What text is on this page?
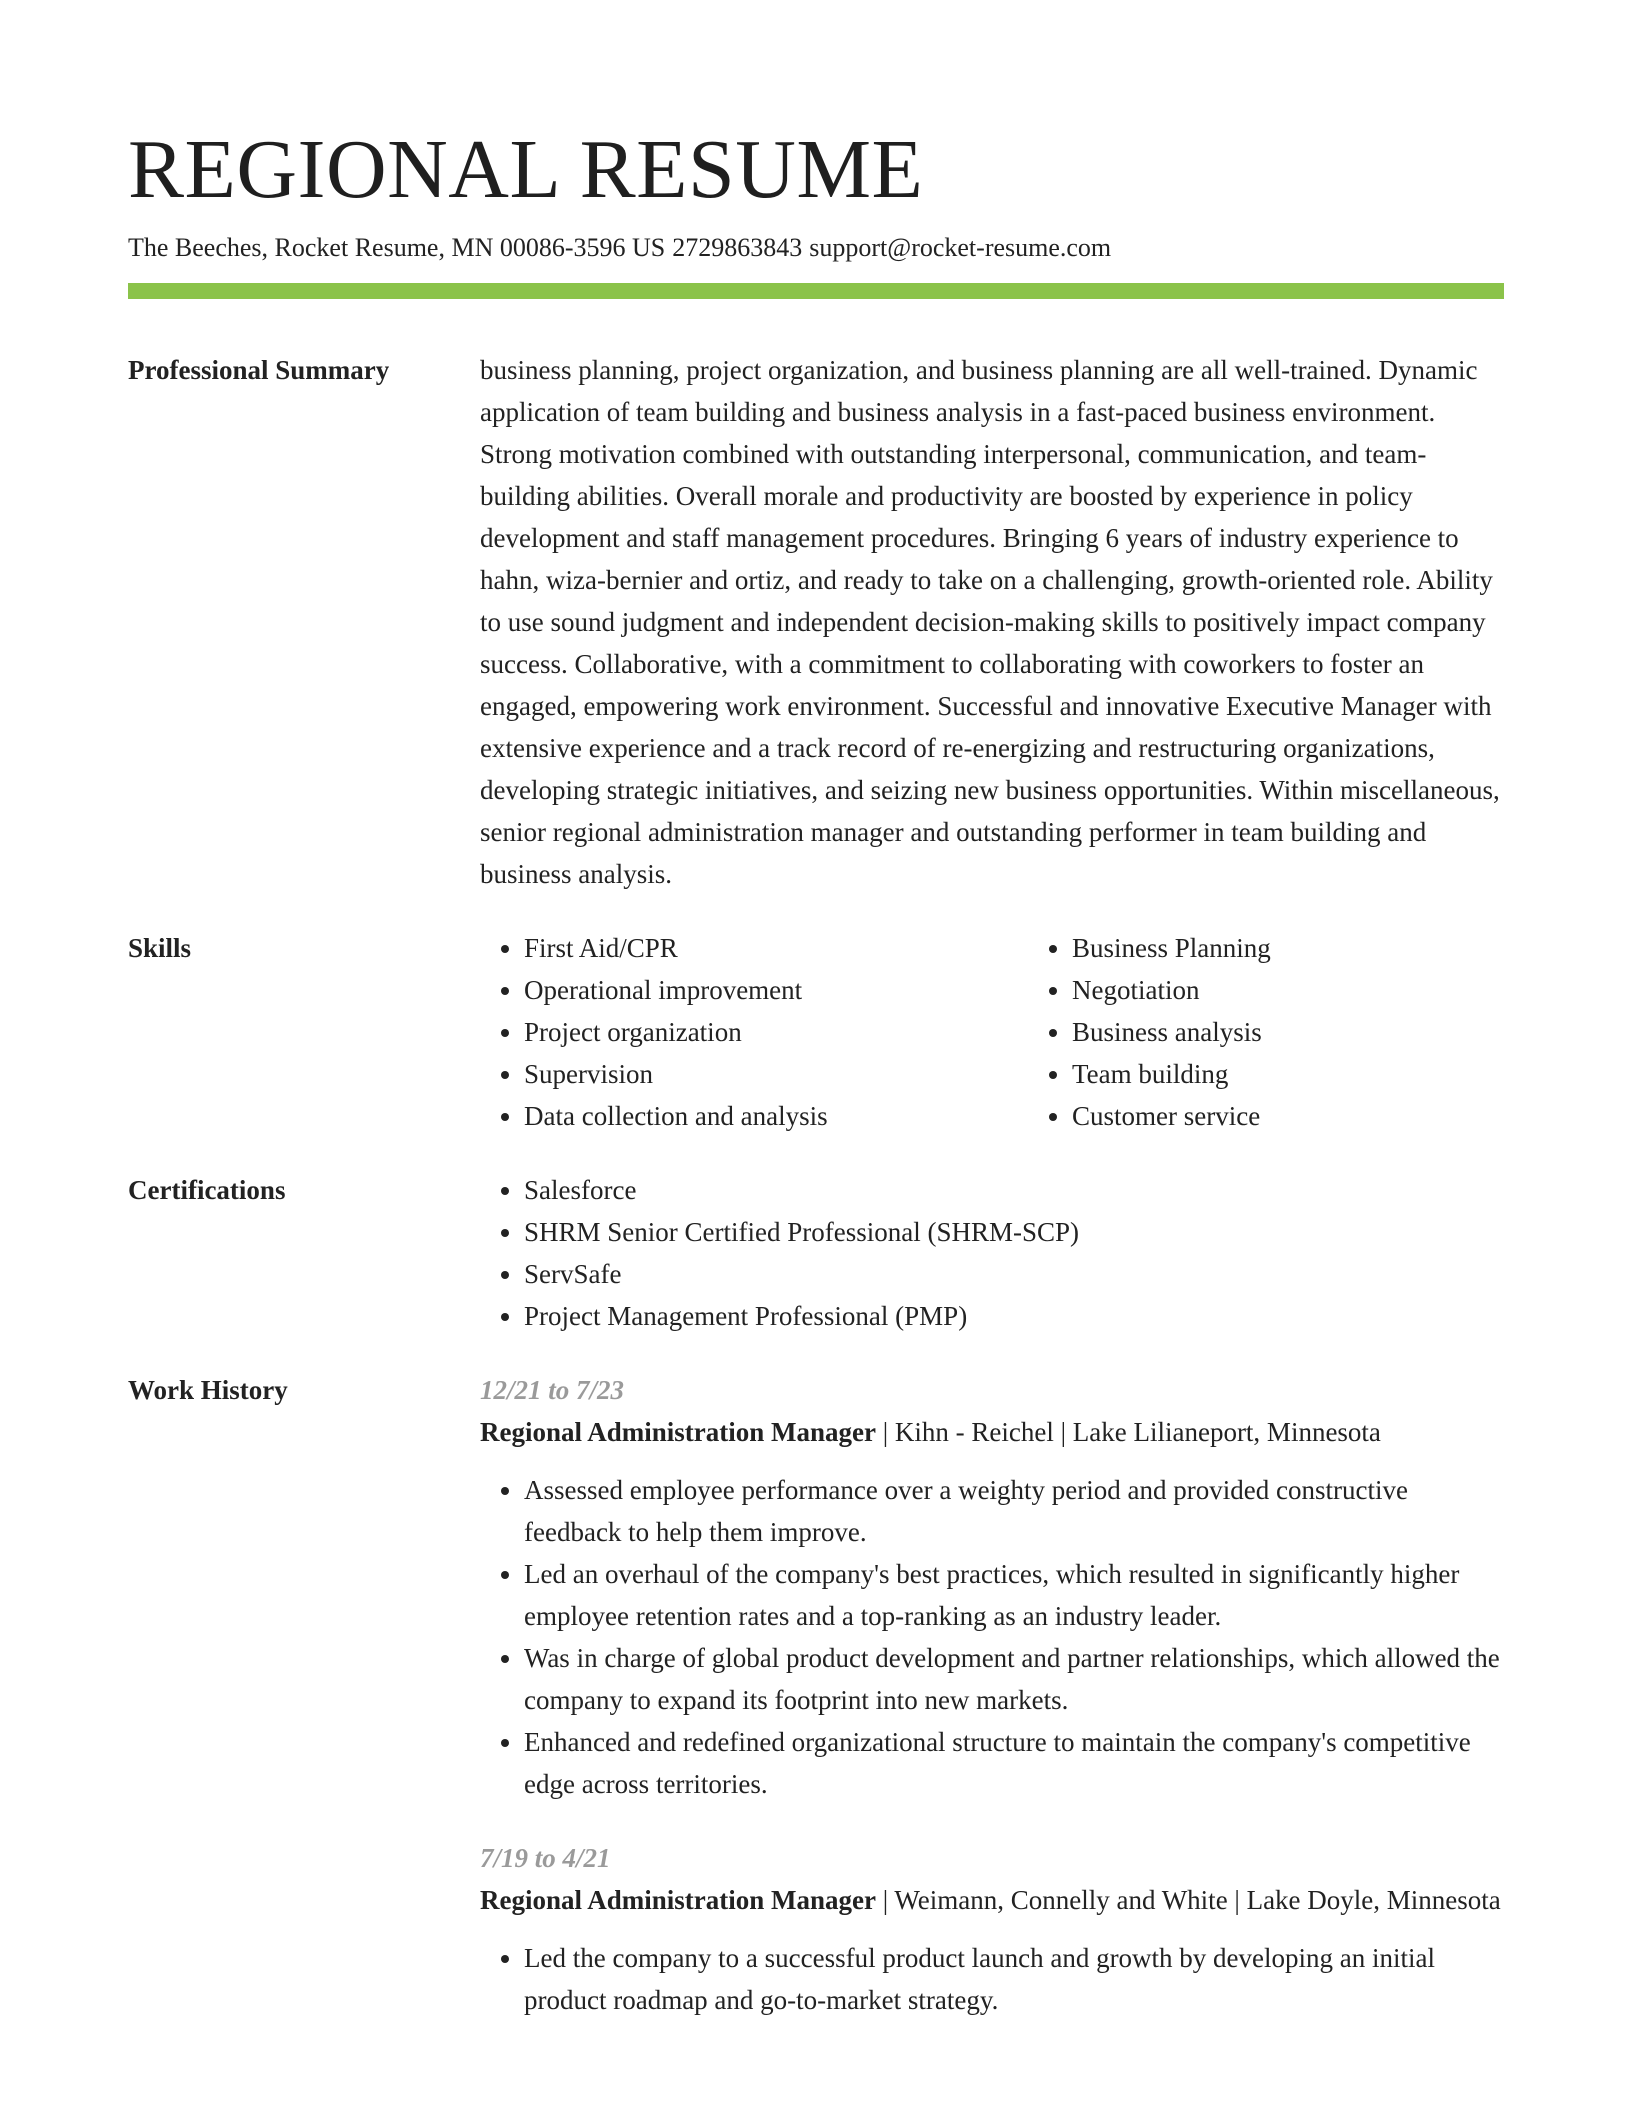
REGIONAL RESUME
The Beeches, Rocket Resume, MN 00086-3596 US 2729863843 support@rocket-resume.com
Professional Summary	business planning, project organization, and business planning are all well-trained. Dynamic application of team building and business analysis in a fast-paced business environment. Strong motivation combined with outstanding interpersonal, communication, and team-building abilities. Overall morale and productivity are boosted by experience in policy development and staff management procedures. Bringing 6 years of industry experience to hahn, wiza-bernier and ortiz, and ready to take on a challenging, growth-oriented role. Ability to use sound judgment and independent decision-making skills to positively impact company success. Collaborative, with a commitment to collaborating with coworkers to foster an engaged, empowering work environment. Successful and innovative Executive Manager with extensive experience and a track record of re-energizing and restructuring organizations, developing strategic initiatives, and seizing new business opportunities. Within miscellaneous, senior regional administration manager and outstanding performer in team building and business analysis.
Skills	• First Aid/CPR
• Operational improvement
• Project organization
• Supervision
• Data collection and analysis
• Business Planning
• Negotiation
• Business analysis
• Team building
• Customer service
Certifications	• Salesforce
• SHRM Senior Certified Professional (SHRM-SCP)
• ServSafe
• Project Management Professional (PMP)
Work History	12/21 to 7/23
Regional Administration Manager | Kihn - Reichel | Lake Lilianeport, Minnesota
• Assessed employee performance over a weighty period and provided constructive feedback to help them improve.
• Led an overhaul of the company's best practices, which resulted in significantly higher employee retention rates and a top-ranking as an industry leader.
• Was in charge of global product development and partner relationships, which allowed the company to expand its footprint into new markets.
• Enhanced and redefined organizational structure to maintain the company's competitive edge across territories.
7/19 to 4/21
Regional Administration Manager | Weimann, Connelly and White | Lake Doyle, Minnesota
• Led the company to a successful product launch and growth by developing an initial product roadmap and go-to-market strategy.
